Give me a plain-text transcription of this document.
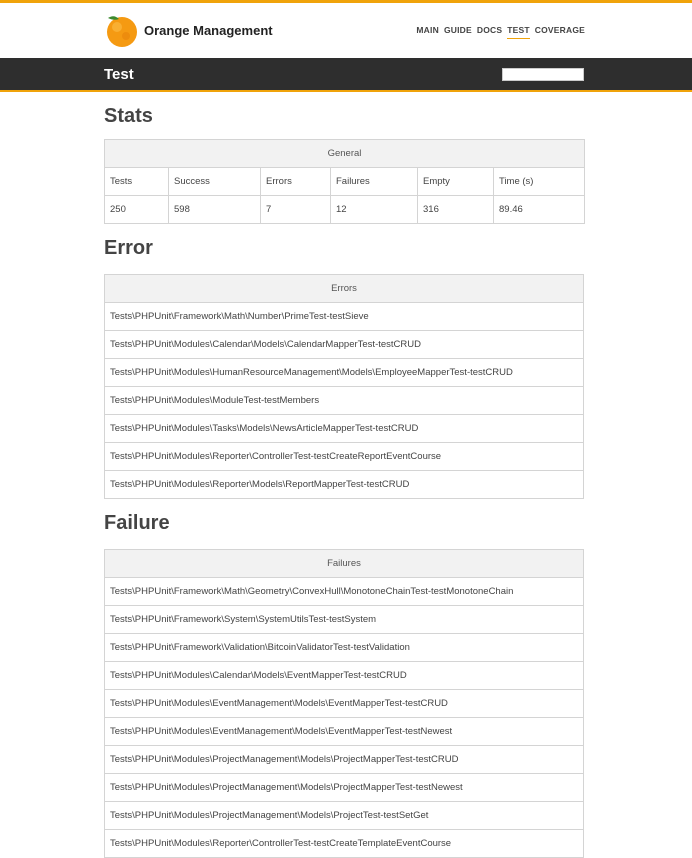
Orange Management	MAIN GUIDE DOCS TEST COVERAGE
Test
Stats
General					
Tests	Success	Errors	Failures	Empty	Time (s)
250	598	7	12	316	89.46
Error
Errors
Tests\PHPUnit\Framework\Math\Number\PrimeTest-testSieve
Tests\PHPUnit\Modules\Calendar\Models\CalendarMapperTest-testCRUD
Tests\PHPUnit\Modules\HumanResourceManagement\Models\EmployeeMapperTest-testCRUD
Tests\PHPUnit\Modules\ModuleTest-testMembers
Tests\PHPUnit\Modules\Tasks\Models\NewsArticleMapperTest-testCRUD
Tests\PHPUnit\Modules\Reporter\ControllerTest-testCreateReportEventCourse
Tests\PHPUnit\Modules\Reporter\Models\ReportMapperTest-testCRUD
Failure
Failures
Tests\PHPUnit\Framework\Math\Geometry\ConvexHull\MonotoneChainTest-testMonotoneChain
Tests\PHPUnit\Framework\System\SystemUtilsTest-testSystem
Tests\PHPUnit\Framework\Validation\BitcoinValidatorTest-testValidation
Tests\PHPUnit\Modules\Calendar\Models\EventMapperTest-testCRUD
Tests\PHPUnit\Modules\EventManagement\Models\EventMapperTest-testCRUD
Tests\PHPUnit\Modules\EventManagement\Models\EventMapperTest-testNewest
Tests\PHPUnit\Modules\ProjectManagement\Models\ProjectMapperTest-testCRUD
Tests\PHPUnit\Modules\ProjectManagement\Models\ProjectMapperTest-testNewest
Tests\PHPUnit\Modules\ProjectManagement\Models\ProjectTest-testSetGet
Tests\PHPUnit\Modules\Reporter\ControllerTest-testCreateTemplateEventCourse
